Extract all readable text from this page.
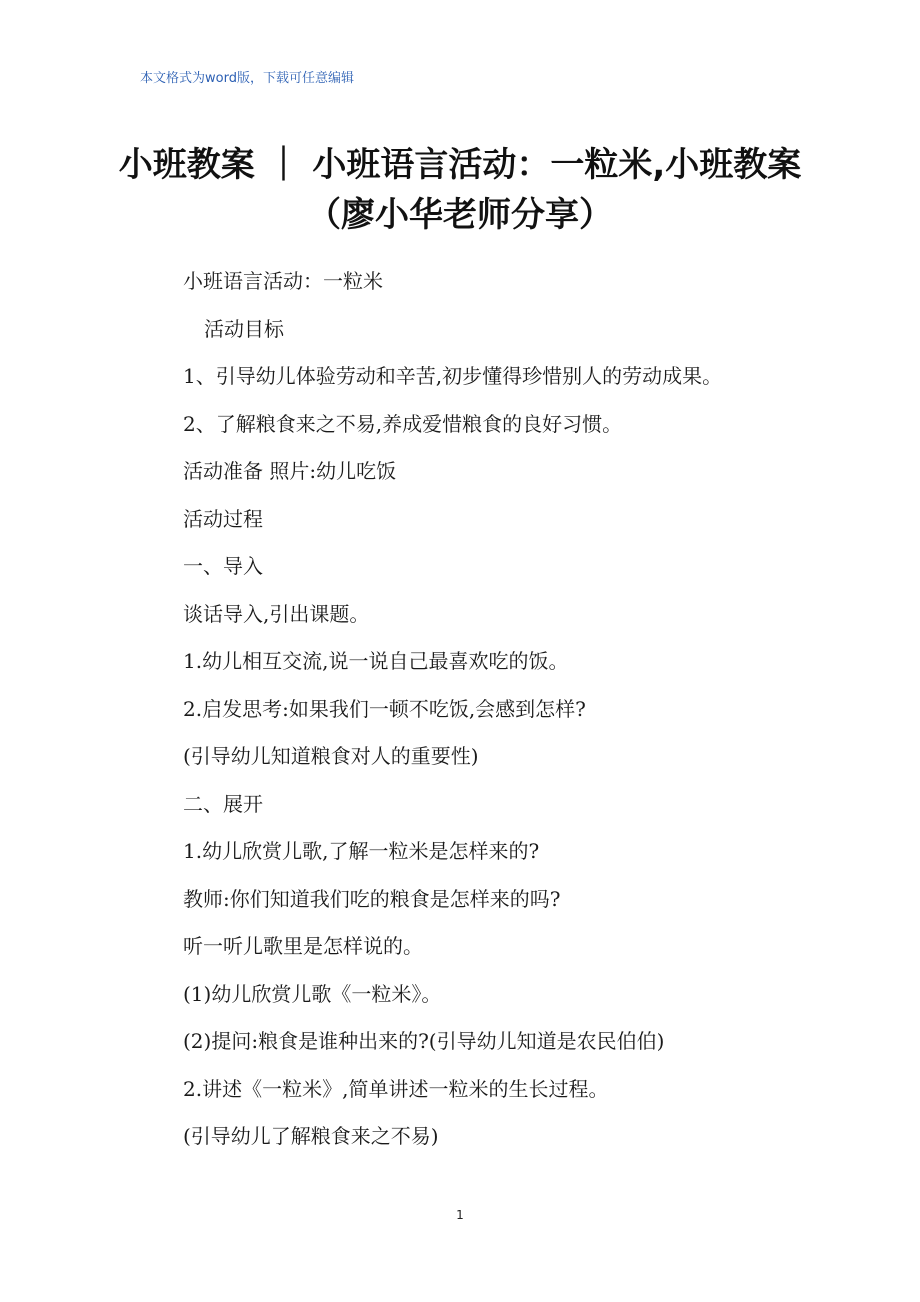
本文格式为word版，下载可任意编辑
小班教案 ｜ 小班语言活动：一粒米,小班教案（廖小华老师分享）
小班语言活动：一粒米
活动目标
1、引导幼儿体验劳动和辛苦,初步懂得珍惜别人的劳动成果。
2、了解粮食来之不易,养成爱惜粮食的良好习惯。
活动准备 照片:幼儿吃饭
活动过程
一、导入
谈话导入,引出课题。
1.幼儿相互交流,说一说自己最喜欢吃的饭。
2.启发思考:如果我们一顿不吃饭,会感到怎样?
(引导幼儿知道粮食对人的重要性)
二、展开
1.幼儿欣赏儿歌,了解一粒米是怎样来的?
教师:你们知道我们吃的粮食是怎样来的吗?
听一听儿歌里是怎样说的。
(1)幼儿欣赏儿歌《一粒米》。
(2)提问:粮食是谁种出来的?(引导幼儿知道是农民伯伯)
2.讲述《一粒米》,简单讲述一粒米的生长过程。
(引导幼儿了解粮食来之不易)
1
